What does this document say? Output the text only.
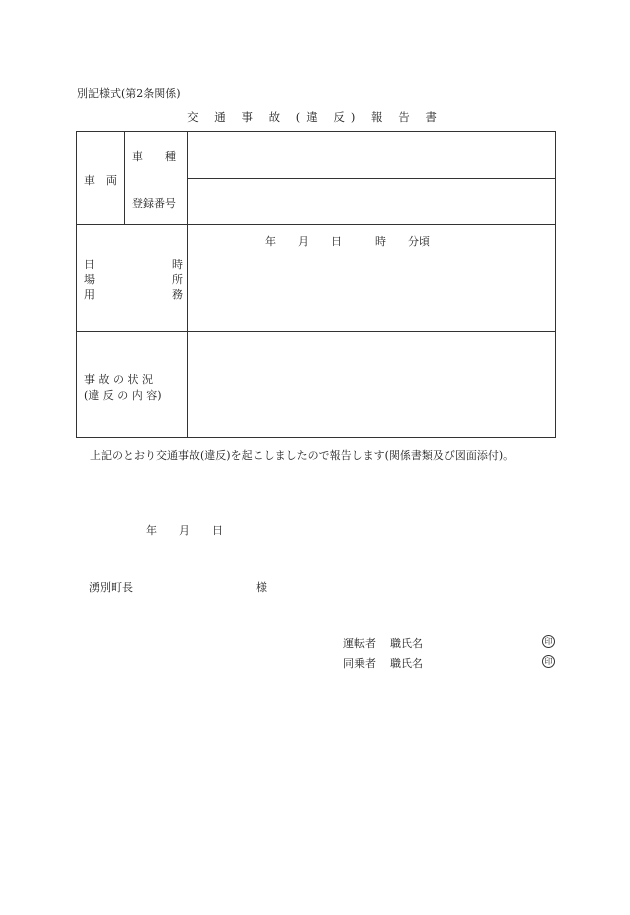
別記様式(第2条関係)
交 通 事 故 (違 反) 報 告 書
車　両
車　　種
登録番号
日	時
場	所
用	務
年　　月　　日　　　時　　分頃
事 故 の 状 況
(違 反 の 内 容)
上記のとおり交通事故(違反)を起こしましたので報告します(関係書類及び図面添付)。
年　　月　　日
湧別町長	様
運転者 職氏名	印
同乗者 職氏名	印
